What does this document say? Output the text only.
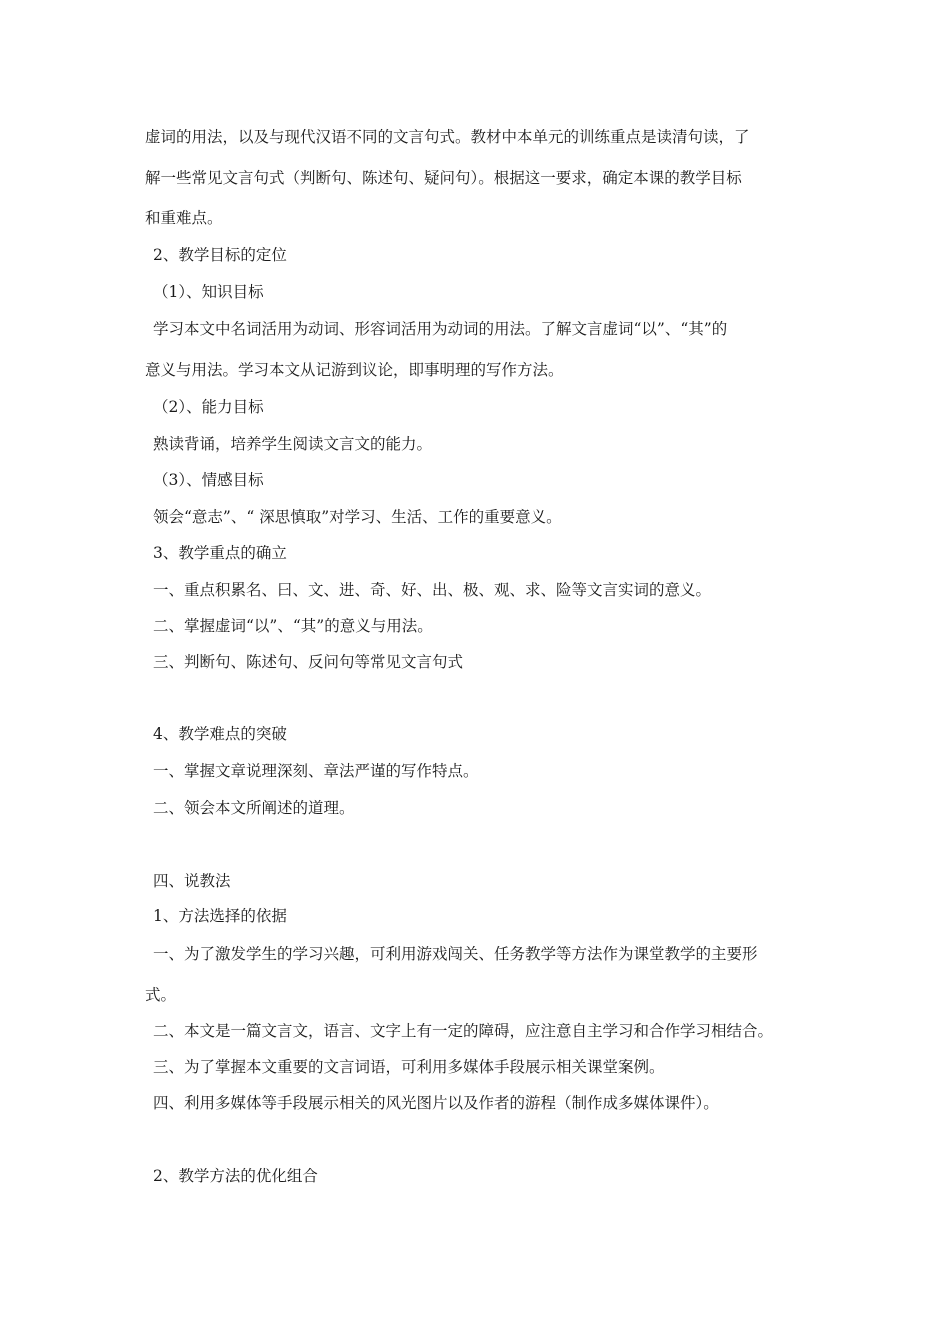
虚词的用法，以及与现代汉语不同的文言句式。教材中本单元的训练重点是读清句读，了
解一些常见文言句式（判断句、陈述句、疑问句）。根据这一要求，确定本课的教学目标
和重难点。
2、教学目标的定位
（1）、知识目标
学习本文中名词活用为动词、形容词活用为动词的用法。了解文言虚词“以”、“其”的
意义与用法。学习本文从记游到议论，即事明理的写作方法。
（2）、能力目标
熟读背诵，培养学生阅读文言文的能力。
（3）、情感目标
领会“意志”、“ 深思慎取”对学习、生活、工作的重要意义。
3、教学重点的确立
一、重点积累名、曰、文、进、奇、好、出、极、观、求、险等文言实词的意义。
二、掌握虚词“以”、“其”的意义与用法。
三、判断句、陈述句、反问句等常见文言句式
4、教学难点的突破
一、掌握文章说理深刻、章法严谨的写作特点。
二、领会本文所阐述的道理。
四、说教法
1、方法选择的依据
一、为了激发学生的学习兴趣，可利用游戏闯关、任务教学等方法作为课堂教学的主要形
式。
二、本文是一篇文言文，语言、文字上有一定的障碍，应注意自主学习和合作学习相结合。
三、为了掌握本文重要的文言词语，可利用多媒体手段展示相关课堂案例。
四、利用多媒体等手段展示相关的风光图片以及作者的游程（制作成多媒体课件）。
2、教学方法的优化组合
